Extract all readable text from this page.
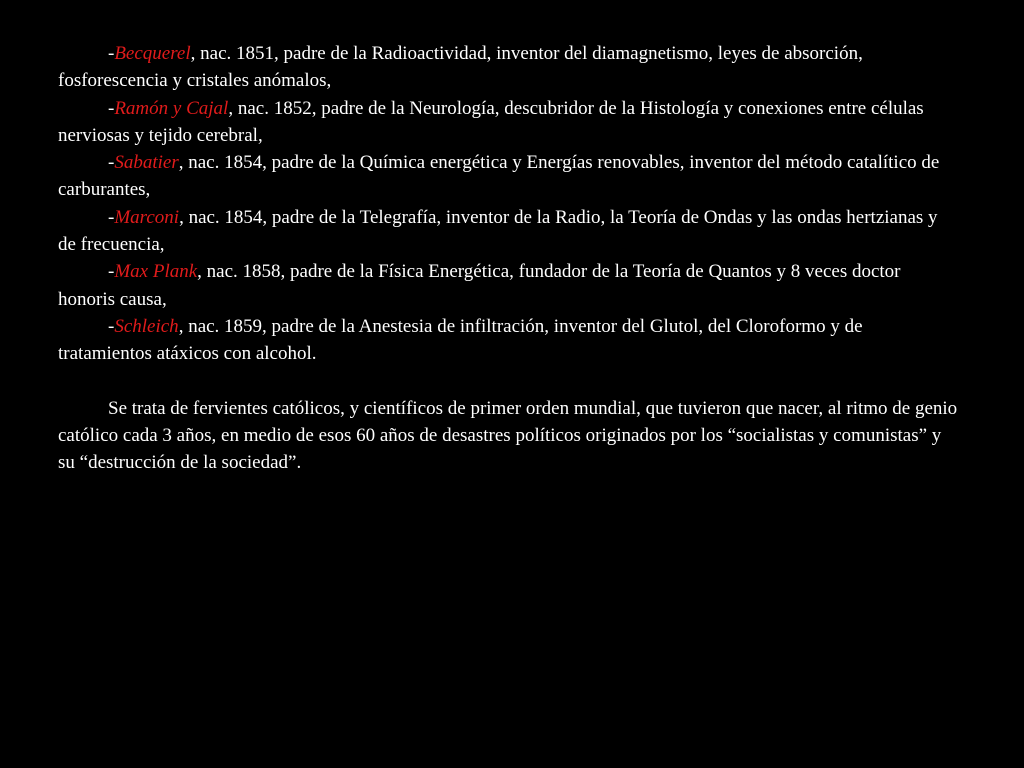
-Becquerel, nac. 1851, padre de la Radioactividad, inventor del diamagnetismo, leyes de absorción, fosforescencia y cristales anómalos,

-Ramón y Cajal, nac. 1852, padre de la Neurología, descubridor de la Histología y conexiones entre células nerviosas y tejido cerebral,

-Sabatier, nac. 1854, padre de la Química energética y Energías renovables, inventor del método catalítico de carburantes,

-Marconi, nac. 1854, padre de la Telegrafía, inventor de la Radio, la Teoría de Ondas y las ondas hertzianas y de frecuencia,

-Max Plank, nac. 1858, padre de la Física Energética, fundador de la Teoría de Quantos y 8 veces doctor honoris causa,

-Schleich, nac. 1859, padre de la Anestesia de infiltración, inventor del Glutol, del Cloroformo y de tratamientos atáxicos con alcohol.

Se trata de fervientes católicos, y científicos de primer orden mundial, que tuvieron que nacer, al ritmo de genio católico cada 3 años, en medio de esos 60 años de desastres políticos originados por los “socialistas y comunistas” y su “destrucción de la sociedad”.
